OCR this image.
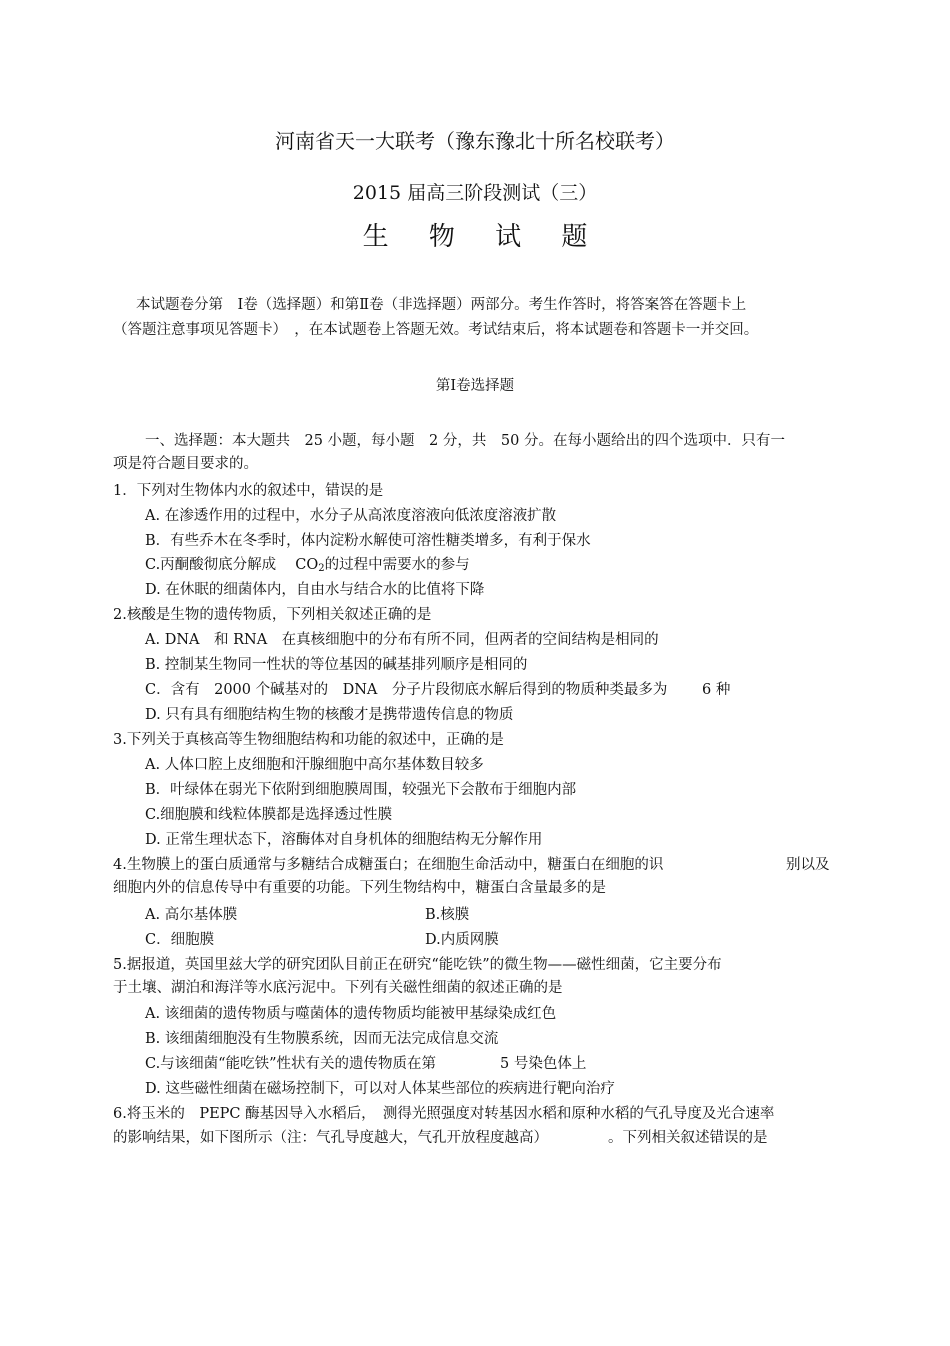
河南省天一大联考（豫东豫北十所名校联考）
2015 届高三阶段测试（三）
生 物 试 题
本试题卷分第　Ⅰ卷（选择题）和第Ⅱ卷（非选择题）两部分。考生作答时，将答案答在答题卡上
（答题注意事项见答题卡）　，在本试题卷上答题无效。考试结束后，将本试题卷和答题卡一并交回。
第Ⅰ卷选择题
一、选择题：本大题共　25 小题，每小题　2 分，共　50 分。在每小题给出的四个选项中．只有一
项是符合题目要求的。
1．下列对生物体内水的叙述中，错误的是
A. 在渗透作用的过程中，水分子从高浓度溶液向低浓度溶液扩散
B．有些乔木在冬季时，体内淀粉水解使可溶性糖类增多，有利于保水
C.丙酮酸彻底分解成　 $CO_2$的过程中需要水的参与
D. 在休眠的细菌体内，自由水与结合水的比值将下降
2.核酸是生物的遗传物质，下列相关叙述正确的是
A. DNA　和 RNA　在真核细胞中的分布有所不同，但两者的空间结构是相同的
B. 控制某生物同一性状的等位基因的碱基排列顺序是相同的
C．含有　2000 个碱基对的　DNA　分子片段彻底水解后得到的物质种类最多为 6 种
D. 只有具有细胞结构生物的核酸才是携带遗传信息的物质
3.下列关于真核高等生物细胞结构和功能的叙述中，正确的是
A. 人体口腔上皮细胞和汗腺细胞中高尔基体数目较多
B．叶绿体在弱光下依附到细胞膜周围，较强光下会散布于细胞内部
C.细胞膜和线粒体膜都是选择透过性膜
D. 正常生理状态下，溶酶体对自身机体的细胞结构无分解作用
4.生物膜上的蛋白质通常与多糖结合成糖蛋白；在细胞生命活动中，糖蛋白在细胞的识	别以及
细胞内外的信息传导中有重要的功能。下列生物结构中，糖蛋白含量最多的是
A. 高尔基体膜	B.核膜
C．细胞膜	D.内质网膜
5.据报道，英国里兹大学的研究团队目前正在研究“能吃铁”的微生物——磁性细菌，它主要分布
于土壤、湖泊和海洋等水底污泥中。下列有关磁性细菌的叙述正确的是
A. 该细菌的遗传物质与噬菌体的遗传物质均能被甲基绿染成红色
B. 该细菌细胞没有生物膜系统，因而无法完成信息交流
C.与该细菌“能吃铁”性状有关的遗传物质在第	5 号染色体上
D. 这些磁性细菌在磁场控制下，可以对人体某些部位的疾病进行靶向治疗
6.将玉米的　PEPC 酶基因导入水稻后，　测得光照强度对转基因水稻和原种水稻的气孔导度及光合速率
的影响结果，如下图所示（注：气孔导度越大，气孔开放程度越高）	。下列相关叙述错误的是
